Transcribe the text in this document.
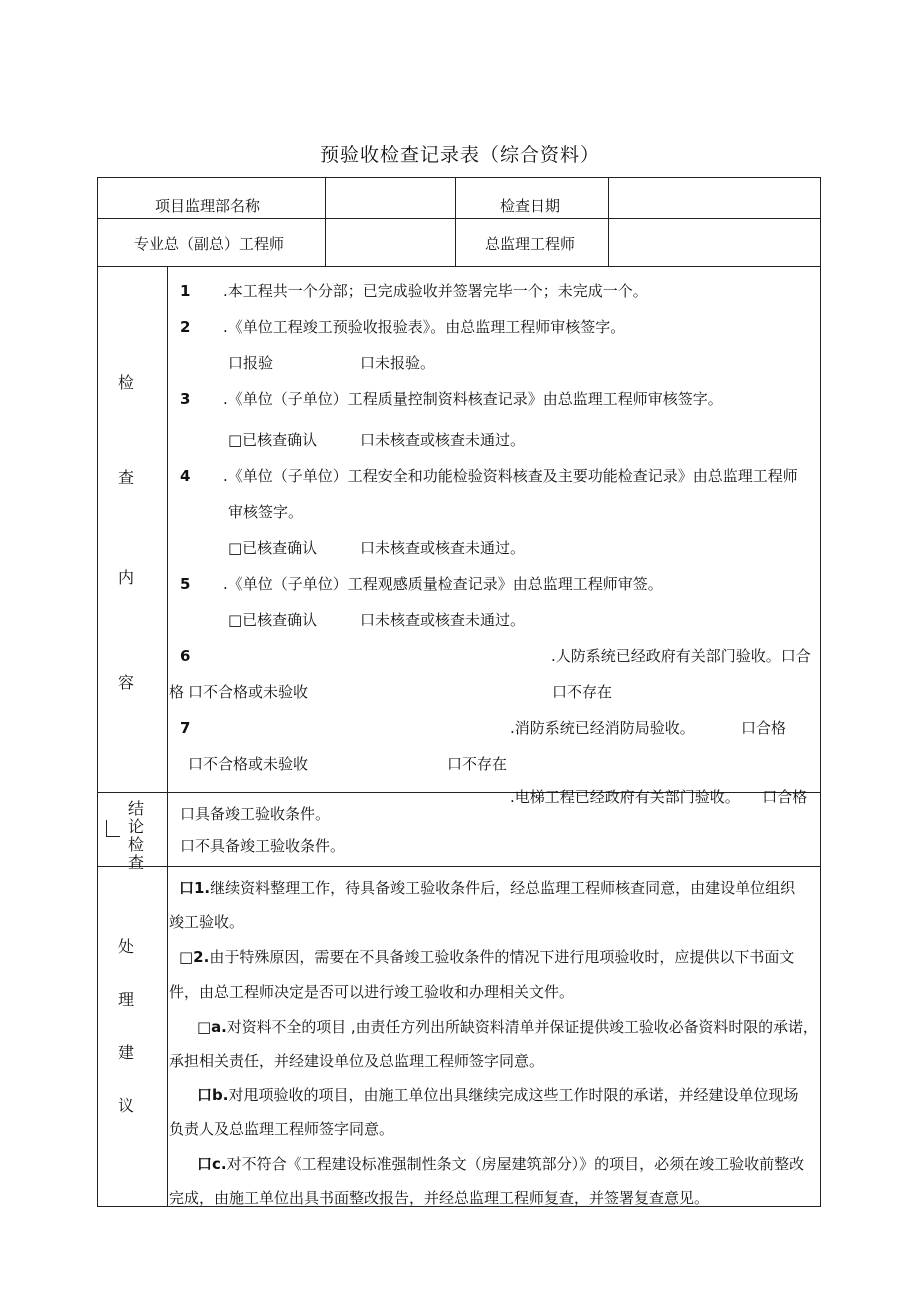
预验收检查记录表（综合资料）
项目监理部名称	检查日期
专业总（副总）工程师	总监理工程师
检
查
内
容
1 .本工程共一个分部；已完成验收并签署完毕一个；未完成一个。
2 .《单位工程竣工预验收报验表》。由总监理工程师审核签字。
口报验	口未报验。
3 .《单位（子单位）工程质量控制资料核查记录》由总监理工程师审核签字。
□已核查确认	口未核查或核查未通过。
4 .《单位（子单位）工程安全和功能检验资料核查及主要功能检查记录》由总监理工程师
审核签字。
□已核查确认	口未核查或核查未通过。
5 .《单位（子单位）工程观感质量检查记录》由总监理工程师审签。
□已核查确认	口未核查或核查未通过。
6	.人防系统已经政府有关部门验收。口合
格 口不合格或未验收	口不存在
7	.消防系统已经消防局验收。	口合格
口不合格或未验收	口不存在
.电梯工程已经政府有关部门验收。　　口合格
结
论
检
查
口具备竣工验收条件。
口不具备竣工验收条件。
处
理
建
议
口1.继续资料整理工作，待具备竣工验收条件后，经总监理工程师核查同意，由建设单位组织
竣工验收。
□2.由于特殊原因，需要在不具备竣工验收条件的情况下进行甩项验收时，应提供以下书面文
件，由总工程师决定是否可以进行竣工验收和办理相关文件。
□a.对资料不全的项目 ,由责任方列出所缺资料清单并保证提供竣工验收必备资料时限的承诺，
承担相关责任，并经建设单位及总监理工程师签字同意。
口b.对甩项验收的项目，由施工单位出具继续完成这些工作时限的承诺，并经建设单位现场
负责人及总监理工程师签字同意。
口c.对不符合《工程建设标准强制性条文（房屋建筑部分）》的项目，必须在竣工验收前整改
完成，由施工单位出具书面整改报告，并经总监理工程师复查，并签署复查意见。
